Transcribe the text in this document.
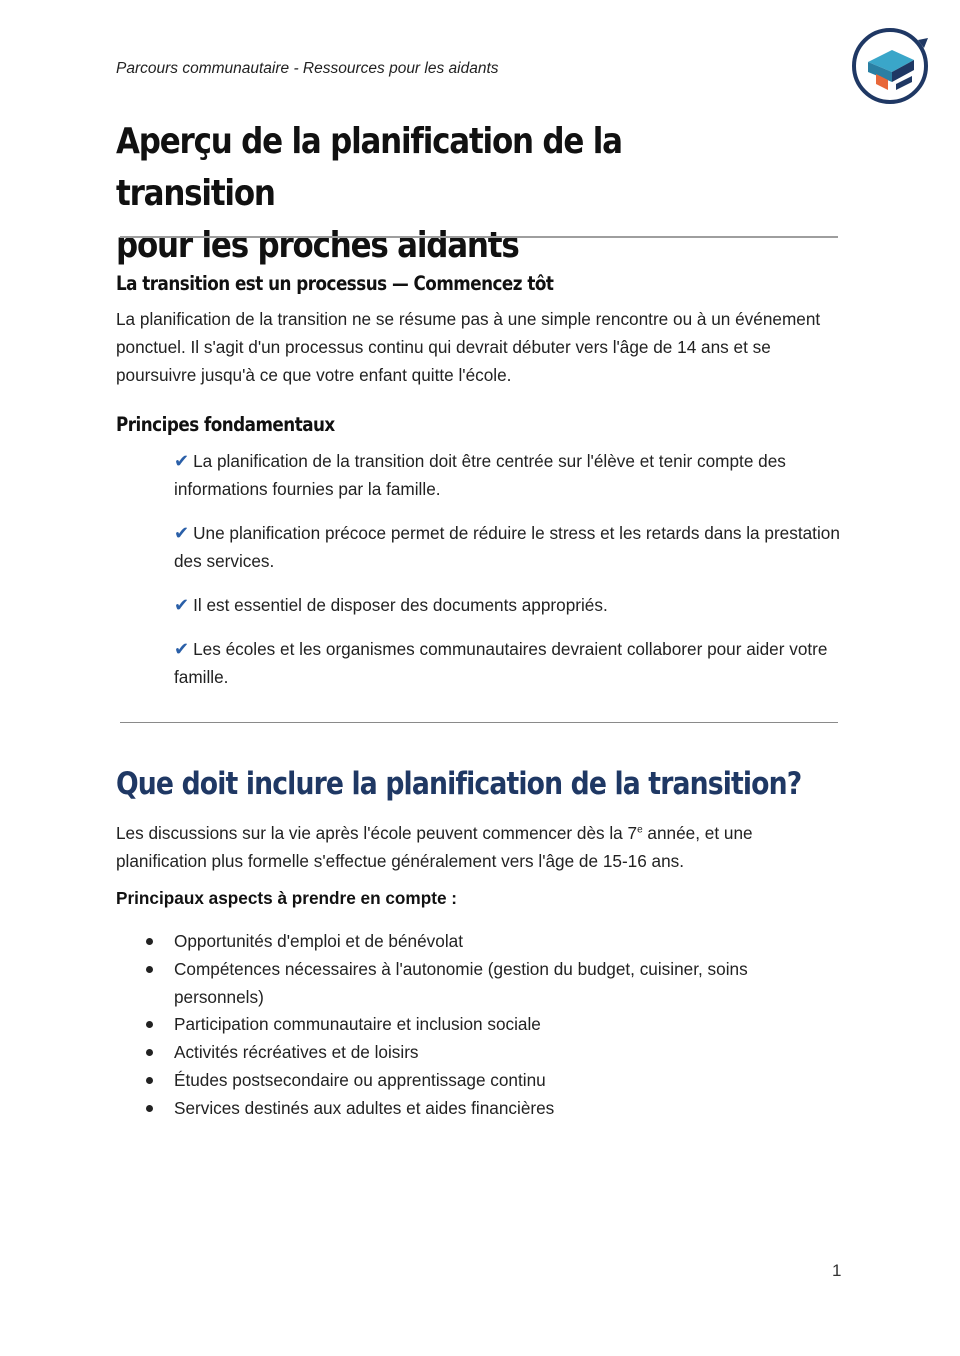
Parcours communautaire - Ressources pour les aidants
Aperçu de la planification de la transition
pour les proches aidants
La transition est un processus — Commencez tôt

La planification de la transition ne se résume pas à une simple rencontre ou à un événement ponctuel. Il s'agit d'un processus continu qui devrait débuter vers l'âge de 14 ans et se poursuivre jusqu'à ce que votre enfant quitte l'école.

Principes fondamentaux
✔ La planification de la transition doit être centrée sur l'élève et tenir compte des informations fournies par la famille.
✔ Une planification précoce permet de réduire le stress et les retards dans la prestation des services.
✔ Il est essentiel de disposer des documents appropriés.
✔ Les écoles et les organismes communautaires devraient collaborer pour aider votre famille.
Que doit inclure la planification de la transition?

Les discussions sur la vie après l'école peuvent commencer dès la 7e année, et une planification plus formelle s'effectue généralement vers l'âge de 15-16 ans.

Principaux aspects à prendre en compte :

Opportunités d'emploi et de bénévolat
Compétences nécessaires à l'autonomie (gestion du budget, cuisiner, soins personnels)
Participation communautaire et inclusion sociale
Activités récréatives et de loisirs
Études postsecondaire ou apprentissage continu
Services destinés aux adultes et aides financières
1
